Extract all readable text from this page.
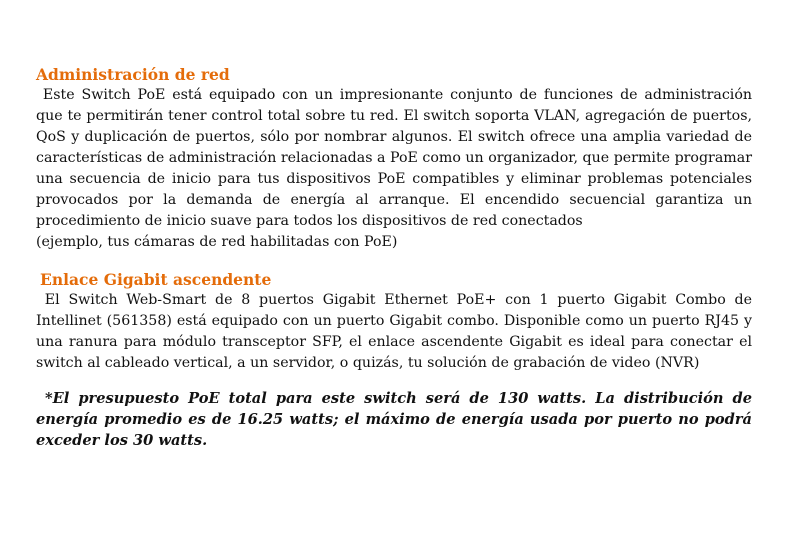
Administración de red

Este Switch PoE está equipado con un impresionante conjunto de funciones de administración que te permitirán tener control total sobre tu red. El switch soporta VLAN, agregación de puertos, QoS y duplicación de puertos, sólo por nombrar algunos. El switch ofrece una amplia variedad de características de administración relacionadas a PoE como un organizador, que permite programar una secuencia de inicio para tus dispositivos PoE compatibles y eliminar problemas potenciales provocados por la demanda de energía al arranque. El encendido secuencial garantiza un procedimiento de inicio suave para todos los dispositivos de red conectados
(ejemplo, tus cámaras de red habilitadas con PoE)

Enlace Gigabit ascendente

El Switch Web-Smart de 8 puertos Gigabit Ethernet PoE+ con 1 puerto Gigabit Combo de Intellinet (561358) está equipado con un puerto Gigabit combo. Disponible como un puerto RJ45 y una ranura para módulo transceptor SFP, el enlace ascendente Gigabit es ideal para conectar el switch al cableado vertical, a un servidor, o quizás, tu solución de grabación de video (NVR)

*El presupuesto PoE total para este switch será de 130 watts. La distribución de energía promedio es de 16.25 watts; el máximo de energía usada por puerto no podrá exceder los 30 watts.
